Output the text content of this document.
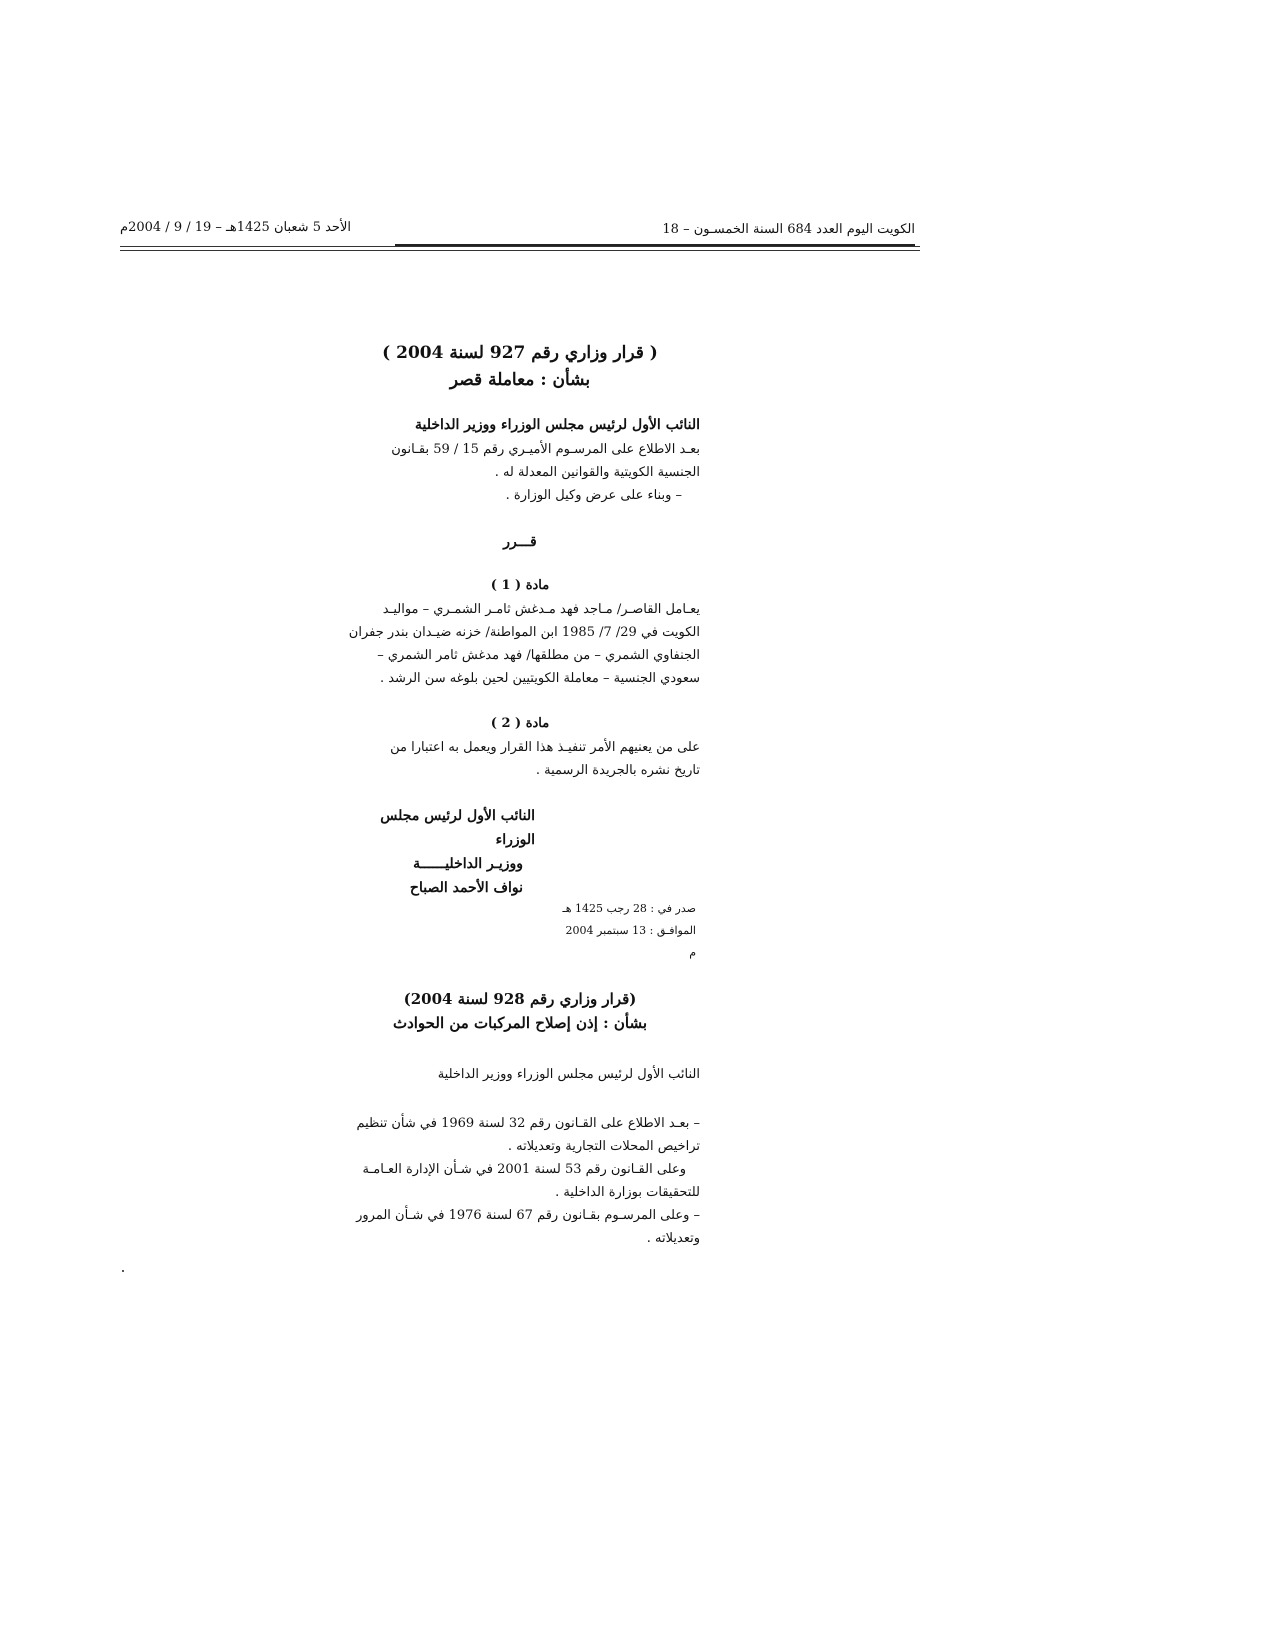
الأحد 5 شعبان 1425هـ – 19 / 9 / 2004م	الكويت اليوم العدد 684 السنة الخمسـون – 18
( قرار وزاري رقم 927 لسنة 2004 )
بشأن : معاملة قصر
النائب الأول لرئيس مجلس الوزراء ووزير الداخلية

بعـد الاطلاع على المرسـوم الأميـري رقم 15 / 59 بقـانون

الجنسية الكويتية والقوانين المعدلة له .

– وبناء على عرض وكيل الوزارة .

قـــرر
مادة ( 1 )

يعـامل القاصـر/ مـاجد فهد مـدغش ثامـر الشمـري – مواليـد

الكويت في 29/ 7/ 1985 ابن المواطنة/ خزنه ضيـدان بندر جفران

الجنفاوي الشمري – من مطلقها/ فهد مدغش ثامر الشمري –

سعودي الجنسية – معاملة الكويتيين لحين بلوغه سن الرشد .

مادة ( 2 )

على من يعنيهم الأمر تنفيـذ هذا القرار ويعمل به اعتبارا من

تاريخ نشره بالجريدة الرسمية .

النائب الأول لرئيس مجلس الوزراء

ووزيـر الداخليــــــة

نواف الأحمد الصباح

صدر في : 28 رجب 1425 هـ

الموافـق : 13 سبتمبر 2004 م

(قرار وزاري رقم 928 لسنة 2004)
بشأن : إذن إصلاح المركبات من الحوادث
النائب الأول لرئيس مجلس الوزراء ووزير الداخلية

– بعـد الاطلاع على القـانون رقم 32 لسنة 1969 في شأن تنظيم

تراخيص المحلات التجارية وتعديلاته .

وعلى القـانون رقم 53 لسنة 2001 في شـأن الإدارة العـامـة

للتحقيقات بوزارة الداخلية .

– وعلى المرسـوم بقـانون رقم 67 لسنة 1976 في شـأن المرور

وتعديلاته .
